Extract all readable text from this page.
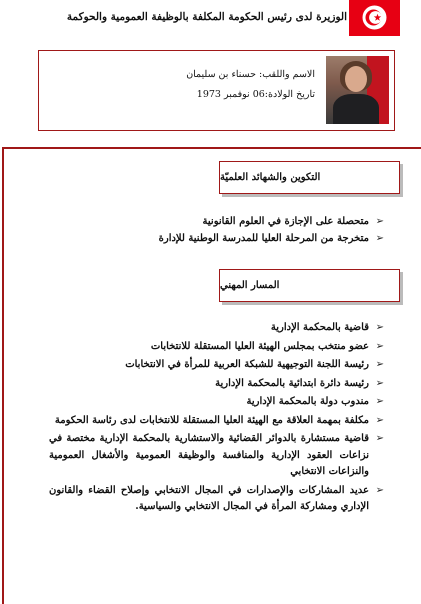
الوزيرة لدى رئيس الحكومة المكلفة بالوظيفة العمومية والحوكمة
الاسم واللقب: حسناء بن سليمان
تاريخ الولادة:06 نوفمبر 1973
التكوين والشهائد العلميّة
➢
متحصلة على الإجازة في العلوم القانونية
➢
متخرجة من المرحلة العليا للمدرسة الوطنية للإدارة
المسار المهني
➢
قاضية بالمحكمة الإدارية
➢
عضو منتخب بمجلس الهيئة العليا المستقلة للانتخابات
➢
رئيسة اللجنة التوجيهية للشبكة العربية للمرأة في الانتخابات
➢
رئيسة دائرة ابتدائية بالمحكمة الإدارية
➢
مندوب دولة بالمحكمة الإدارية
➢
مكلفة بمهمة العلاقة مع الهيئة العليا المستقلة للانتخابات لدى رئاسة الحكومة
➢
قاضية مستشارة بالدوائر القضائية والاستشارية بالمحكمة الإدارية مختصة في نزاعات العقود الإدارية والمنافسة والوظيفة العمومية والأشغال العمومية والنزاعات الانتخابي
➢
عديد المشاركات والإصدارات في المجال الانتخابي وإصلاح القضاء والقانون الإداري ومشاركة المرأة في المجال الانتخابي والسياسية.
